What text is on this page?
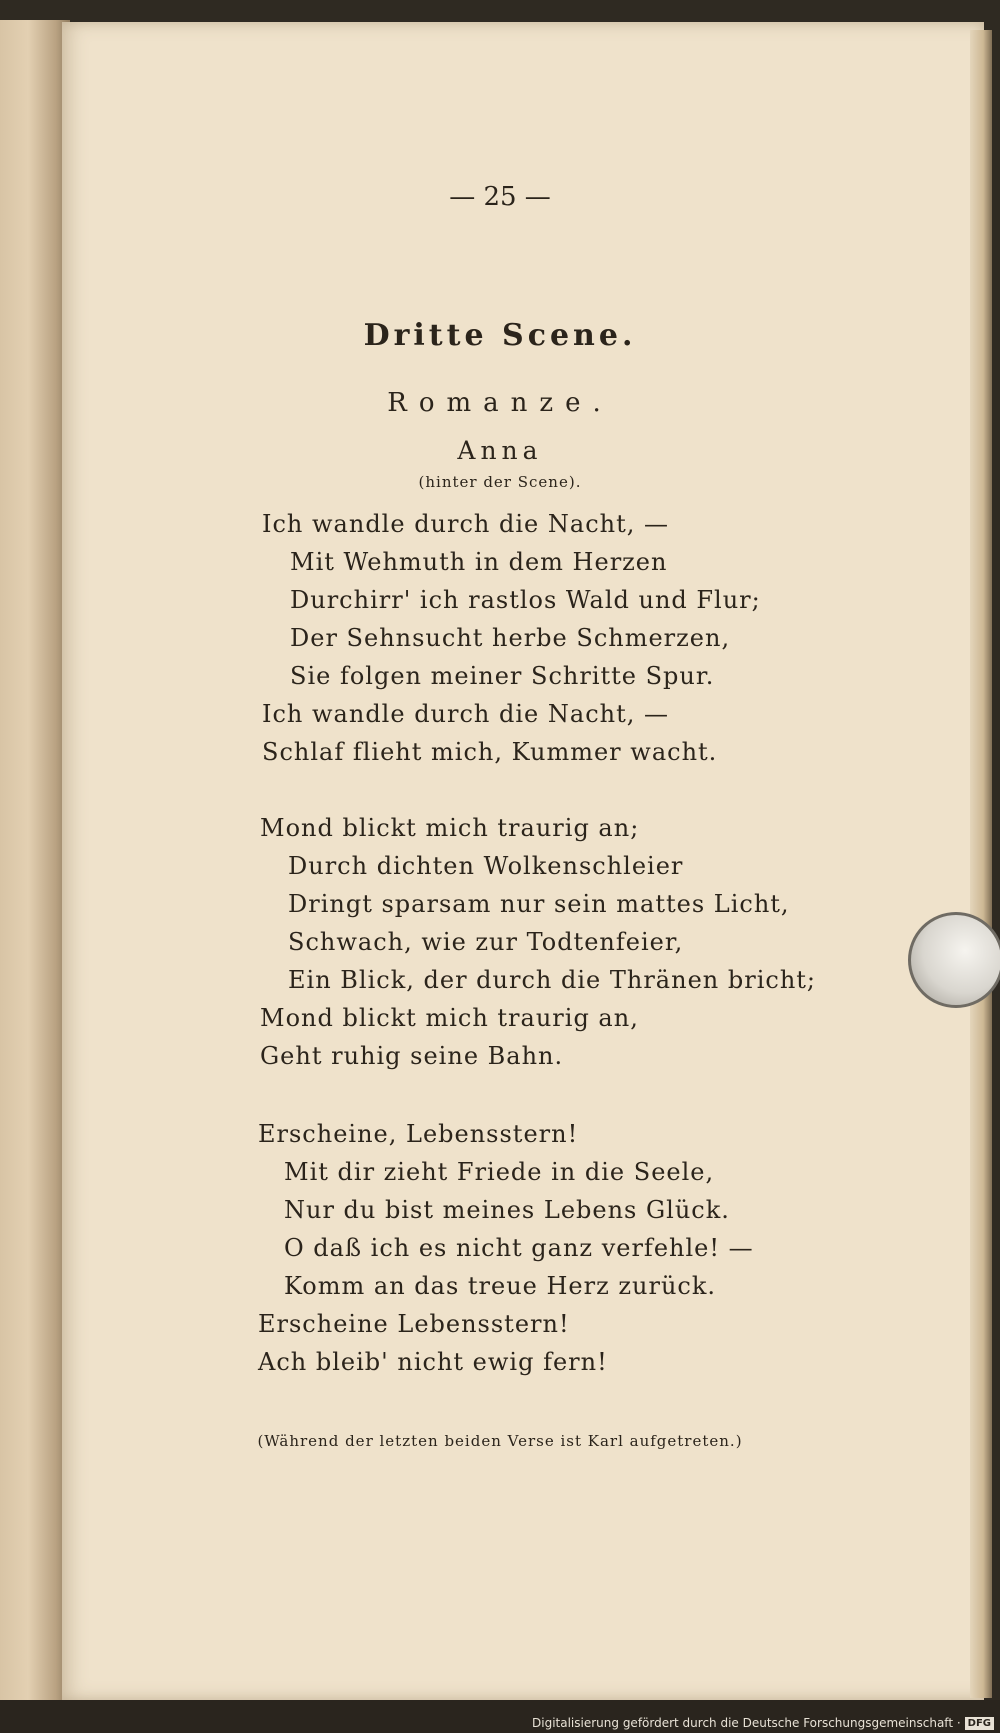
— 25 —
Dritte Scene.
Romanze.
Anna
(hinter der Scene).
Ich wandle durch die Nacht, —
Mit Wehmuth in dem Herzen
Durchirr' ich rastlos Wald und Flur;
Der Sehnsucht herbe Schmerzen,
Sie folgen meiner Schritte Spur.
Ich wandle durch die Nacht, —
Schlaf flieht mich, Kummer wacht.
Mond blickt mich traurig an;
Durch dichten Wolkenschleier
Dringt sparsam nur sein mattes Licht,
Schwach, wie zur Todtenfeier,
Ein Blick, der durch die Thränen bricht;
Mond blickt mich traurig an,
Geht ruhig seine Bahn.
Erscheine, Lebensstern!
Mit dir zieht Friede in die Seele,
Nur du bist meines Lebens Glück.
O daß ich es nicht ganz verfehle! —
Komm an das treue Herz zurück.
Erscheine Lebensstern!
Ach bleib' nicht ewig fern!
(Während der letzten beiden Verse ist Karl aufgetreten.)
Digitalisierung gefördert durch die Deutsche Forschungsgemeinschaft · DFG
